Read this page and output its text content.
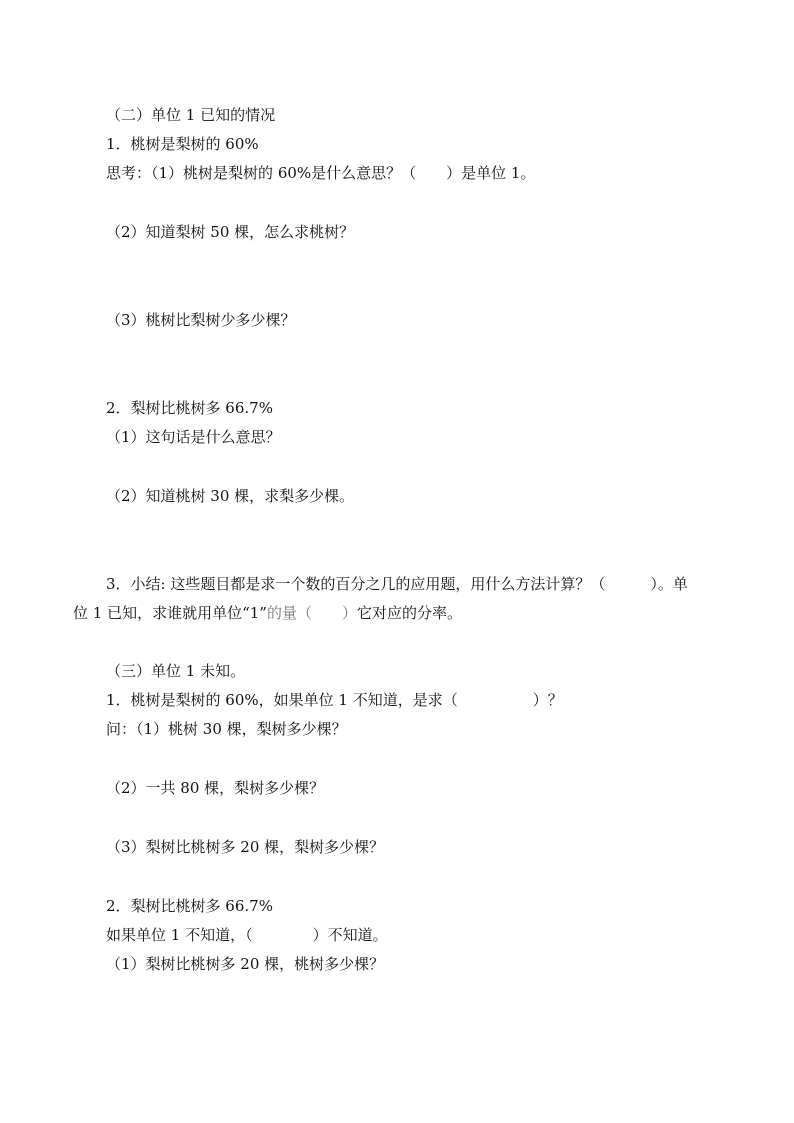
（二）单位 1 已知的情况
1．桃树是梨树的 60%
思考：（1）桃树是梨树的 60%是什么意思？（　　）是单位 1。
（2）知道梨树 50 棵，怎么求桃树？
（3）桃树比梨树少多少棵？
2．梨树比桃树多 66.7%
（1）这句话是什么意思？
（2）知道桃树 30 棵，求梨多少棵。
3．小结: 这些题目都是求一个数的百分之几的应用题，用什么方法计算？（　　　）。单
位 1 已知，求谁就用单位“1”的量（　　）它对应的分率。
（三）单位 1 未知。
1．桃树是梨树的 60%，如果单位 1 不知道，是求（　　　　　）？
问：（1）桃树 30 棵，梨树多少棵？
（2）一共 80 棵，梨树多少棵？
（3）梨树比桃树多 20 棵，梨树多少棵？
2．梨树比桃树多 66.7%
如果单位 1 不知道，（　　　　）不知道。
（1）梨树比桃树多 20 棵，桃树多少棵？
